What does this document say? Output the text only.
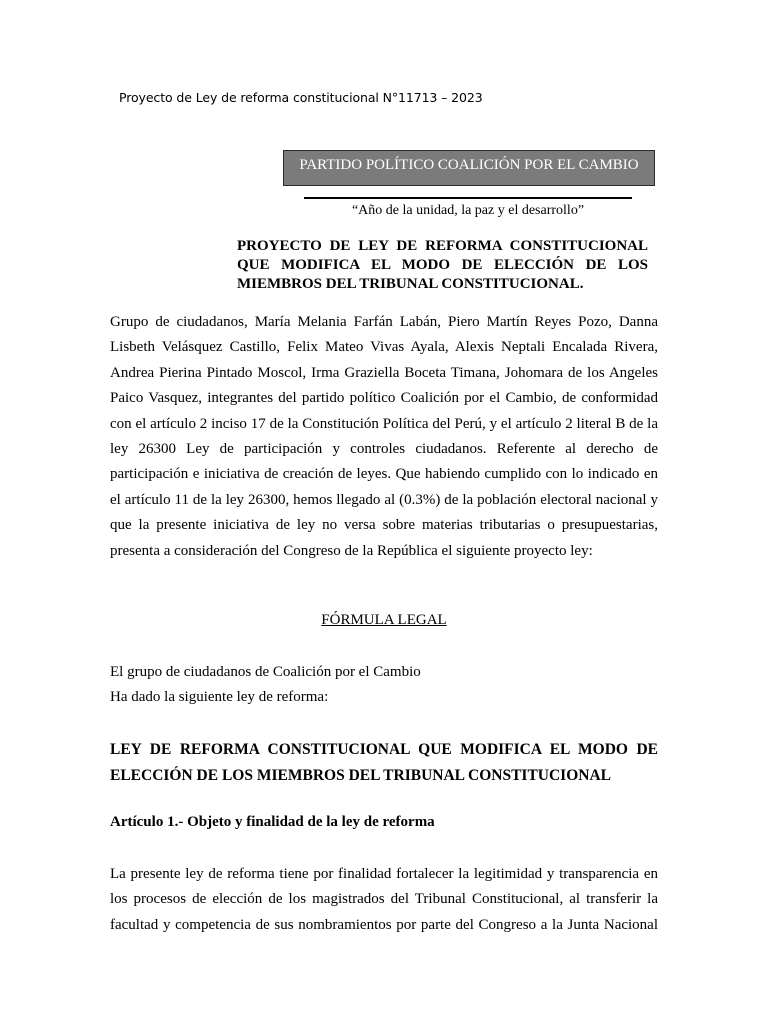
Proyecto de Ley de reforma constitucional N°11713 – 2023
PARTIDO POLÍTICO COALICIÓN POR EL CAMBIO
“Año de la unidad, la paz y el desarrollo”
PROYECTO DE LEY DE REFORMA CONSTITUCIONAL QUE MODIFICA EL MODO DE ELECCIÓN DE LOS MIEMBROS DEL TRIBUNAL CONSTITUCIONAL.

Grupo de ciudadanos, María Melania Farfán Labán, Piero Martín Reyes Pozo, Danna Lisbeth Velásquez Castillo, Felix Mateo Vivas Ayala, Alexis Neptali Encalada Rivera, Andrea Pierina Pintado Moscol, Irma Graziella Boceta Timana, Johomara de los Angeles Paico Vasquez, integrantes del partido político Coalición por el Cambio, de conformidad con el artículo 2 inciso 17 de la Constitución Política del Perú, y el artículo 2 literal B de la ley 26300 Ley de participación y controles ciudadanos. Referente al derecho de participación e iniciativa de creación de leyes. Que habiendo cumplido con lo indicado en el artículo 11 de la ley 26300, hemos llegado al (0.3%) de la población electoral nacional y que la presente iniciativa de ley no versa sobre materias tributarias o presupuestarias, presenta a consideración del Congreso de la República el siguiente proyecto ley:

FÓRMULA LEGAL
El grupo de ciudadanos de Coalición por el Cambio
Ha dado la siguiente ley de reforma:

LEY DE REFORMA CONSTITUCIONAL QUE MODIFICA EL MODO DE ELECCIÓN DE LOS MIEMBROS DEL TRIBUNAL CONSTITUCIONAL

Artículo 1.- Objeto y finalidad de la ley de reforma

La presente ley de reforma tiene por finalidad fortalecer la legitimidad y transparencia en los procesos de elección de los magistrados del Tribunal Constitucional, al transferir la facultad y competencia de sus nombramientos por parte del Congreso a la Junta Nacional
